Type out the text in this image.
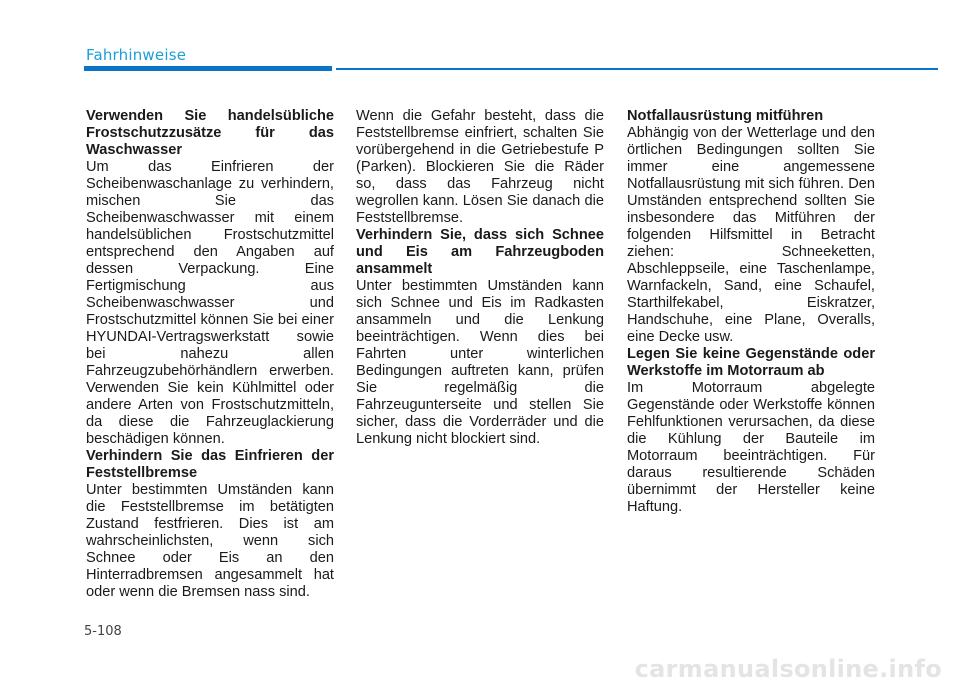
Fahrhinweise
Verwenden Sie handelsübliche Frostschutzzusätze für das Waschwasser

Um das Einfrieren der Scheibenwaschanlage zu verhindern, mischen Sie das Scheibenwaschwasser mit einem handelsüblichen Frostschutzmittel entsprechend den Angaben auf dessen Verpackung. Eine Fertigmischung aus Scheibenwaschwasser und Frostschutzmittel können Sie bei einer HYUNDAI-Vertragswerkstatt sowie bei nahezu allen Fahrzeugzubehörhändlern erwerben. Verwenden Sie kein Kühlmittel oder andere Arten von Frostschutzmitteln, da diese die Fahrzeuglackierung beschädigen können.

Verhindern Sie das Einfrieren der Feststellbremse

Unter bestimmten Umständen kann die Feststellbremse im betätigten Zustand festfrieren. Dies ist am wahrscheinlichsten, wenn sich Schnee oder Eis an den Hinterradbremsen angesammelt hat oder wenn die Bremsen nass sind.

Wenn die Gefahr besteht, dass die Feststellbremse einfriert, schalten Sie vorübergehend in die Getriebestufe P (Parken). Blockieren Sie die Räder so, dass das Fahrzeug nicht wegrollen kann. Lösen Sie danach die Feststellbremse.

Verhindern Sie, dass sich Schnee und Eis am Fahrzeugboden ansammelt

Unter bestimmten Umständen kann sich Schnee und Eis im Radkasten ansammeln und die Lenkung beeinträchtigen. Wenn dies bei Fahrten unter winterlichen Bedingungen auftreten kann, prüfen Sie regelmäßig die Fahrzeugunterseite und stellen Sie sicher, dass die Vorderräder und die Lenkung nicht blockiert sind.

Notfallausrüstung mitführen

Abhängig von der Wetterlage und den örtlichen Bedingungen sollten Sie immer eine angemessene Notfallausrüstung mit sich führen. Den Umständen entsprechend sollten Sie insbesondere das Mitführen der folgenden Hilfsmittel in Betracht ziehen: Schneeketten, Abschleppseile, eine Taschenlampe, Warnfackeln, Sand, eine Schaufel, Starthilfekabel, Eiskratzer, Handschuhe, eine Plane, Overalls, eine Decke usw.

Legen Sie keine Gegenstände oder Werkstoffe im Motorraum ab

Im Motorraum abgelegte Gegenstände oder Werkstoffe können Fehlfunktionen verursachen, da diese die Kühlung der Bauteile im Motorraum beeinträchtigen. Für daraus resultierende Schäden übernimmt der Hersteller keine Haftung.

5-108
carmanualsonline.info
